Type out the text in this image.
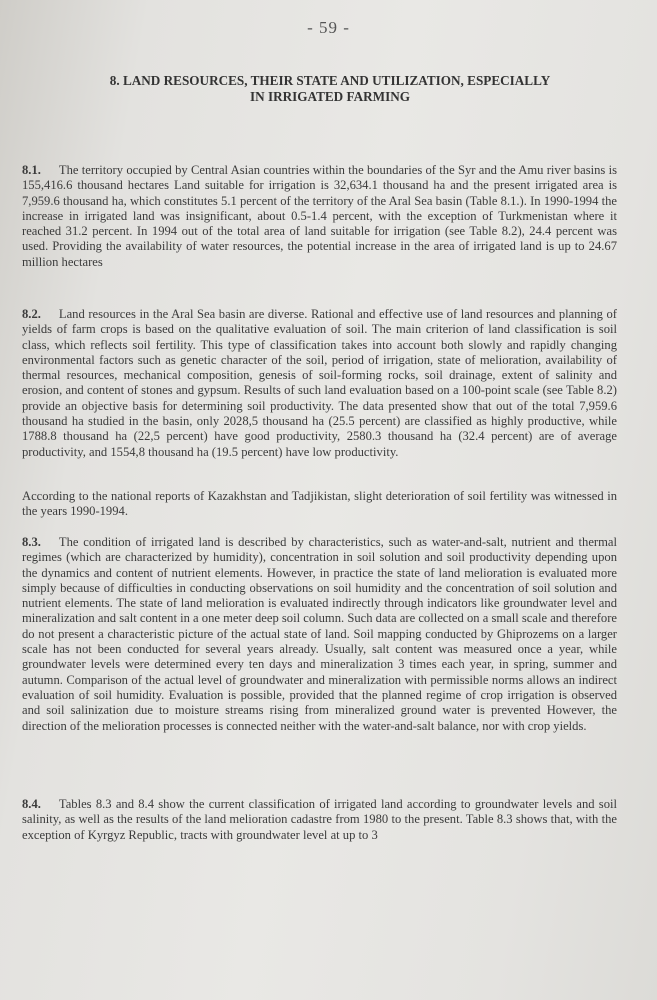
- 59 -
8. LAND RESOURCES, THEIR STATE AND UTILIZATION, ESPECIALLY
IN IRRIGATED FARMING
8.1. The territory occupied by Central Asian countries within the boundaries of the Syr and the Amu river basins is 155,416.6 thousand hectares Land suitable for irrigation is 32,634.1 thousand ha and the present irrigated area is 7,959.6 thousand ha, which constitutes 5.1 percent of the territory of the Aral Sea basin (Table 8.1.). In 1990-1994 the increase in irrigated land was insignificant, about 0.5-1.4 percent, with the exception of Turkmenistan where it reached 31.2 percent. In 1994 out of the total area of land suitable for irrigation (see Table 8.2), 24.4 percent was used. Providing the availability of water resources, the potential increase in the area of irrigated land is up to 24.67 million hectares
8.2. Land resources in the Aral Sea basin are diverse. Rational and effective use of land resources and planning of yields of farm crops is based on the qualitative evaluation of soil. The main criterion of land classification is soil class, which reflects soil fertility. This type of classification takes into account both slowly and rapidly changing environmental factors such as genetic character of the soil, period of irrigation, state of melioration, availability of thermal resources, mechanical composition, genesis of soil-forming rocks, soil drainage, extent of salinity and erosion, and content of stones and gypsum. Results of such land evaluation based on a 100-point scale (see Table 8.2) provide an objective basis for determining soil productivity. The data presented show that out of the total 7,959.6 thousand ha studied in the basin, only 2028,5 thousand ha (25.5 percent) are classified as highly productive, while 1788.8 thousand ha (22,5 percent) have good productivity, 2580.3 thousand ha (32.4 percent) are of average productivity, and 1554,8 thousand ha (19.5 percent) have low productivity.
According to the national reports of Kazakhstan and Tadjikistan, slight deterioration of soil fertility was witnessed in the years 1990-1994.
8.3. The condition of irrigated land is described by characteristics, such as water-and-salt, nutrient and thermal regimes (which are characterized by humidity), concentration in soil solution and soil productivity depending upon the dynamics and content of nutrient elements. However, in practice the state of land melioration is evaluated more simply because of difficulties in conducting observations on soil humidity and the concentration of soil solution and nutrient elements. The state of land melioration is evaluated indirectly through indicators like groundwater level and mineralization and salt content in a one meter deep soil column. Such data are collected on a small scale and therefore do not present a characteristic picture of the actual state of land. Soil mapping conducted by Ghiprozems on a larger scale has not been conducted for several years already. Usually, salt content was measured once a year, while groundwater levels were determined every ten days and mineralization 3 times each year, in spring, summer and autumn. Comparison of the actual level of groundwater and mineralization with permissible norms allows an indirect evaluation of soil humidity. Evaluation is possible, provided that the planned regime of crop irrigation is observed and soil salinization due to moisture streams rising from mineralized ground water is prevented However, the direction of the melioration processes is connected neither with the water-and-salt balance, nor with crop yields.
8.4. Tables 8.3 and 8.4 show the current classification of irrigated land according to groundwater levels and soil salinity, as well as the results of the land melioration cadastre from 1980 to the present. Table 8.3 shows that, with the exception of Kyrgyz Republic, tracts with groundwater level at up to 3
